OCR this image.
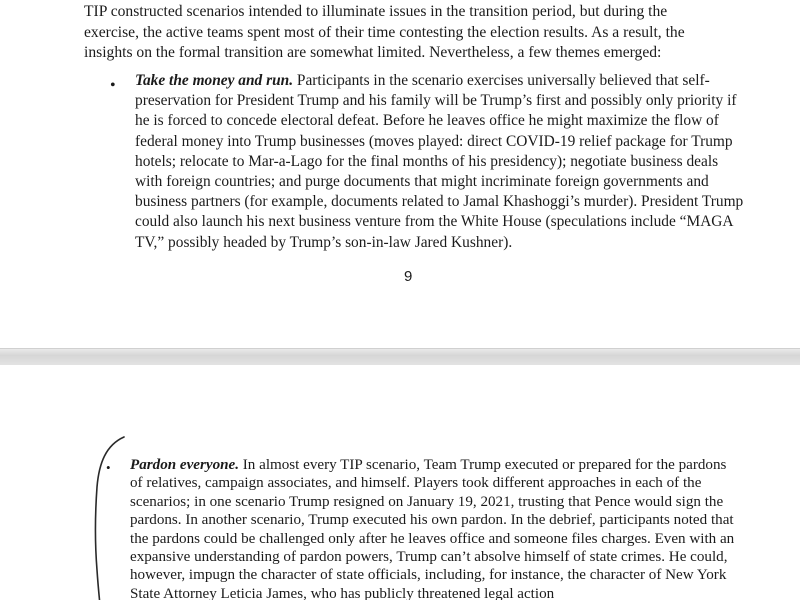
TIP constructed scenarios intended to illuminate issues in the transition period, but during the exercise, the active teams spent most of their time contesting the election results. As a result, the insights on the formal transition are somewhat limited. Nevertheless, a few themes emerged:

• Take the money and run. Participants in the scenario exercises universally believed that self-preservation for President Trump and his family will be Trump’s first and possibly only priority if he is forced to concede electoral defeat. Before he leaves office he might maximize the flow of federal money into Trump businesses (moves played: direct COVID-19 relief package for Trump hotels; relocate to Mar-a-Lago for the final months of his presidency); negotiate business deals with foreign countries; and purge documents that might incriminate foreign governments and business partners (for example, documents related to Jamal Khashoggi’s murder). President Trump could also launch his next business venture from the White House (speculations include “MAGA TV,” possibly headed by Trump’s son-in-law Jared Kushner).

9
• Pardon everyone. In almost every TIP scenario, Team Trump executed or prepared for the pardons of relatives, campaign associates, and himself. Players took different approaches in each of the scenarios; in one scenario Trump resigned on January 19, 2021, trusting that Pence would sign the pardons. In another scenario, Trump executed his own pardon. In the debrief, participants noted that the pardons could be challenged only after he leaves office and someone files charges. Even with an expansive understanding of pardon powers, Trump can’t absolve himself of state crimes. He could, however, impugn the character of state officials, including, for instance, the character of New York State Attorney Leticia James, who has publicly threatened legal action
